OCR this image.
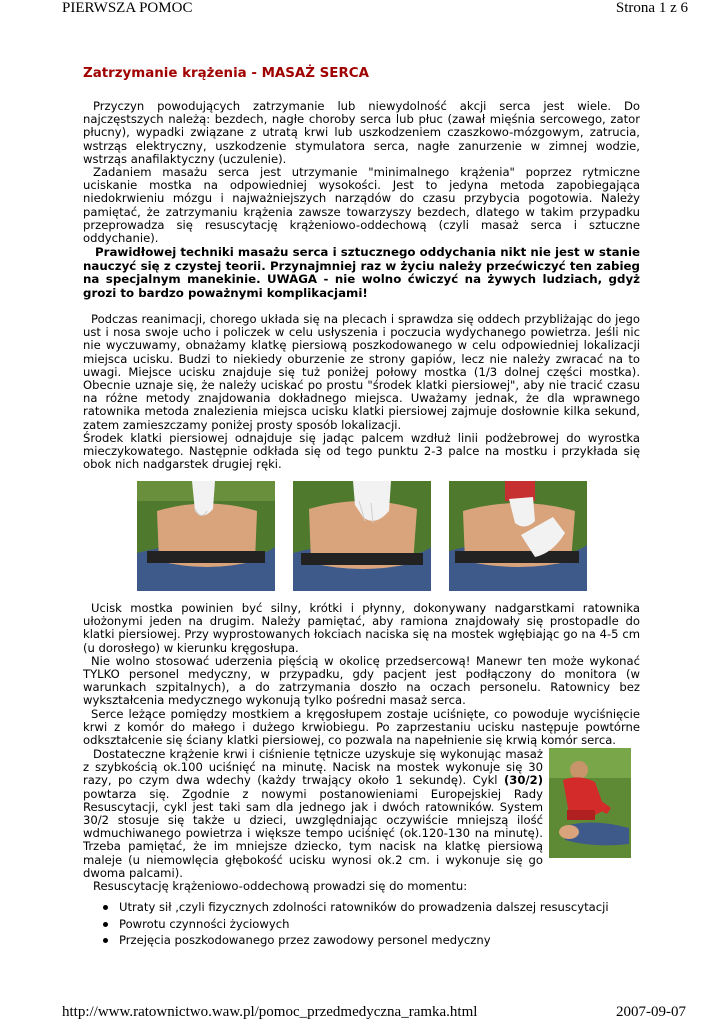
PIERWSZA POMOC	Strona 1 z 6
Zatrzymanie krążenia - MASAŻ SERCA

Przyczyn powodujących zatrzymanie lub niewydolność akcji serca jest wiele. Do najczęstszych należą: bezdech, nagłe choroby serca lub płuc (zawał mięśnia sercowego, zator płucny), wypadki związane z utratą krwi lub uszkodzeniem czaszkowo-mózgowym, zatrucia, wstrząs elektryczny, uszkodzenie stymulatora serca, nagłe zanurzenie w zimnej wodzie, wstrząs anafilaktyczny (uczulenie).

Zadaniem masażu serca jest utrzymanie "minimalnego krążenia" poprzez rytmiczne uciskanie mostka na odpowiedniej wysokości. Jest to jedyna metoda zapobiegająca niedokrwieniu mózgu i najważniejszych narządów do czasu przybycia pogotowia. Należy pamiętać, że zatrzymaniu krążenia zawsze towarzyszy bezdech, dlatego w takim przypadku przeprowadza się resuscytację krążeniowo-oddechową (czyli masaż serca i sztuczne oddychanie).

Prawidłowej techniki masażu serca i sztucznego oddychania nikt nie jest w stanie nauczyć się z czystej teorii. Przynajmniej raz w życiu należy przećwiczyć ten zabieg na specjalnym manekinie. UWAGA - nie wolno ćwiczyć na żywych ludziach, gdyż grozi to bardzo poważnymi komplikacjami!

Podczas reanimacji, chorego układa się na plecach i sprawdza się oddech przybliżając do jego ust i nosa swoje ucho i policzek w celu usłyszenia i poczucia wydychanego powietrza. Jeśli nic nie wyczuwamy, obnażamy klatkę piersiową poszkodowanego w celu odpowiedniej lokalizacji miejsca ucisku. Budzi to niekiedy oburzenie ze strony gapiów, lecz nie należy zwracać na to uwagi. Miejsce ucisku znajduje się tuż poniżej połowy mostka (1/3 dolnej części mostka). Obecnie uznaje się, że należy uciskać po prostu "środek klatki piersiowej", aby nie tracić czasu na różne metody znajdowania dokładnego miejsca. Uważamy jednak, że dla wprawnego ratownika metoda znalezienia miejsca ucisku klatki piersiowej zajmuje dosłownie kilka sekund, zatem zamieszczamy poniżej prosty sposób lokalizacji.

Środek klatki piersiowej odnajduje się jadąc palcem wzdłuż linii podżebrowej do wyrostka mieczykowatego. Następnie odkłada się od tego punktu 2-3 palce na mostku i przykłada się obok nich nadgarstek drugiej ręki.

Ucisk mostka powinien być silny, krótki i płynny, dokonywany nadgarstkami ratownika ułożonymi jeden na drugim. Należy pamiętać, aby ramiona znajdowały się prostopadle do klatki piersiowej. Przy wyprostowanych łokciach naciska się na mostek wgłębiając go na 4-5 cm (u dorosłego) w kierunku kręgosłupa.

Nie wolno stosować uderzenia pięścią w okolicę przedsercową! Manewr ten może wykonać TYLKO personel medyczny, w przypadku, gdy pacjent jest podłączony do monitora (w warunkach szpitalnych), a do zatrzymania doszło na oczach personelu. Ratownicy bez wykształcenia medycznego wykonują tylko pośredni masaż serca.

Serce leżące pomiędzy mostkiem a kręgosłupem zostaje uciśnięte, co powoduje wyciśnięcie krwi z komór do małego i dużego krwiobiegu. Po zaprzestaniu ucisku następuje powtórne odkształcenie się ściany klatki piersiowej, co pozwala na napełnienie się krwią komór serca.

Dostateczne krążenie krwi i ciśnienie tętnicze uzyskuje się wykonując masaż z szybkością ok.100 uciśnięć na minutę. Nacisk na mostek wykonuje się 30 razy, po czym dwa wdechy (każdy trwający około 1 sekundę). Cykl (30/2) powtarza się. Zgodnie z nowymi postanowieniami Europejskiej Rady Resuscytacji, cykl jest taki sam dla jednego jak i dwóch ratowników. System 30/2 stosuje się także u dzieci, uwzględniając oczywiście mniejszą ilość wdmuchiwanego powietrza i większe tempo uciśnięć (ok.120-130 na minutę). Trzeba pamiętać, że im mniejsze dziecko, tym nacisk na klatkę piersiową maleje (u niemowlęcia głębokość ucisku wynosi ok.2 cm. i wykonuje się go dwoma palcami).

Resuscytację krążeniowo-oddechową prowadzi się do momentu:

Utraty sił ,czyli fizycznych zdolności ratowników do prowadzenia dalszej resuscytacji
Powrotu czynności życiowych
Przejęcia poszkodowanego przez zawodowy personel medyczny
http://www.ratownictwo.waw.pl/pomoc_przedmedyczna_ramka.html	2007-09-07
